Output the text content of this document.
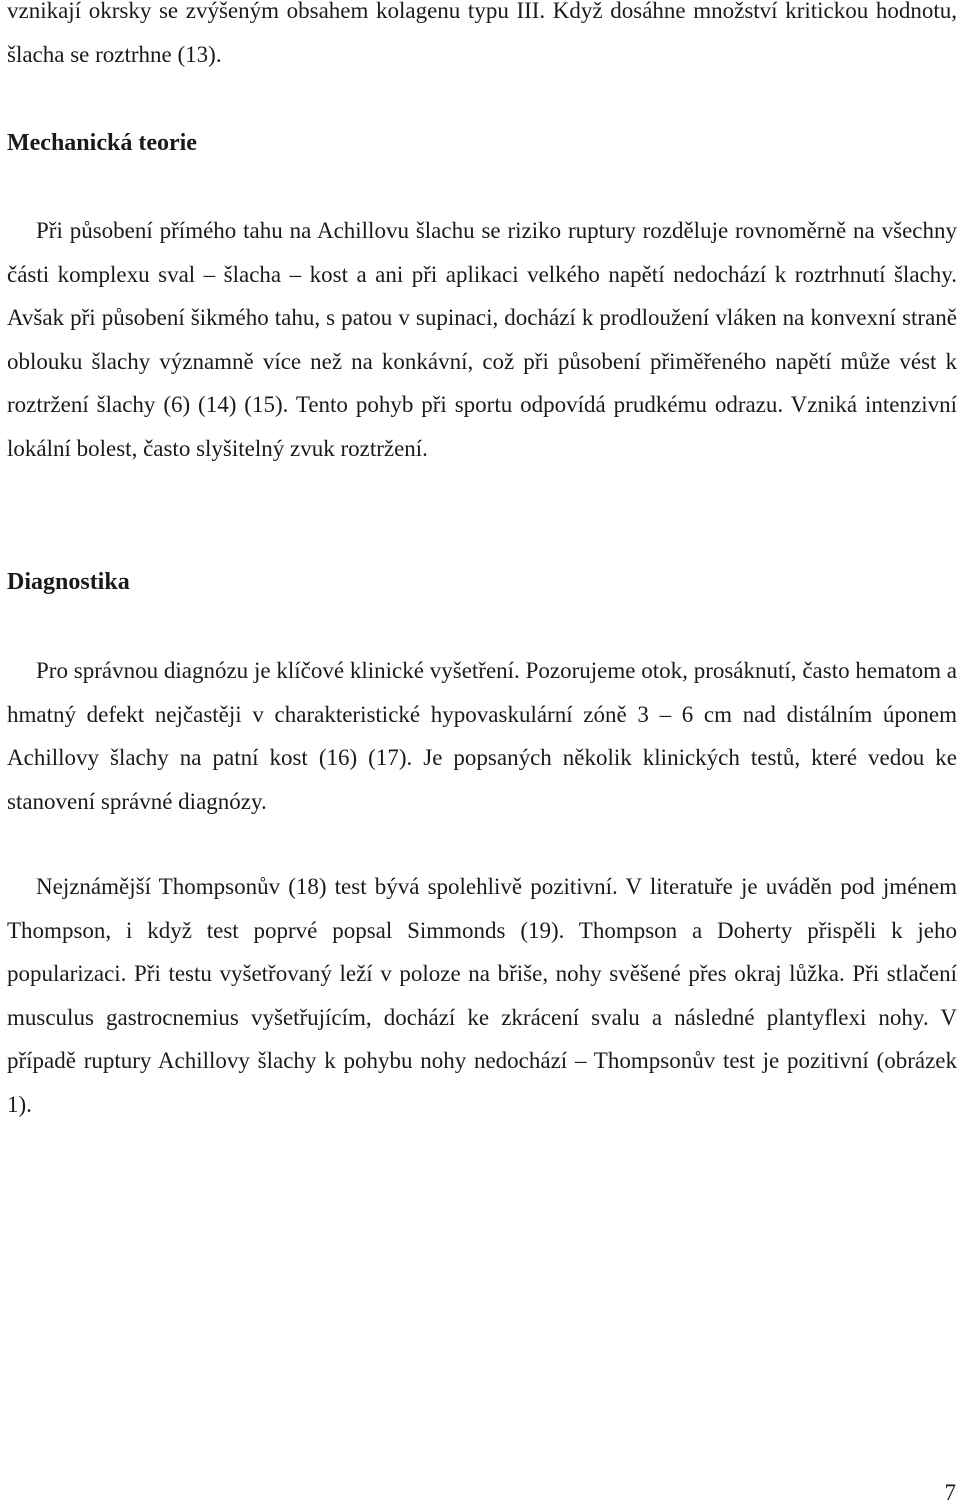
vznikají okrsky se zvýšeným obsahem kolagenu typu III. Když dosáhne množství kritickou hodnotu, šlacha se roztrhne (13).

Mechanická teorie

Při působení přímého tahu na Achillovu šlachu se riziko ruptury rozděluje rovnoměrně na všechny části komplexu sval – šlacha – kost a ani při aplikaci velkého napětí nedochází k roztrhnutí šlachy. Avšak při působení šikmého tahu, s patou v supinaci, dochází k prodloužení vláken na konvexní straně oblouku šlachy významně více než na konkávní, což při působení přiměřeného napětí může vést k roztržení šlachy (6) (14) (15). Tento pohyb při sportu odpovídá prudkému odrazu. Vzniká intenzivní lokální bolest, často slyšitelný zvuk roztržení.

Diagnostika

Pro správnou diagnózu je klíčové klinické vyšetření. Pozorujeme otok, prosáknutí, často hematom a hmatný defekt nejčastěji v charakteristické hypovaskulární zóně 3 – 6 cm nad distálním úponem Achillovy šlachy na patní kost (16) (17). Je popsaných několik klinických testů, které vedou ke stanovení správné diagnózy.

Nejznámější Thompsonův (18) test bývá spolehlivě pozitivní. V literatuře je uváděn pod jménem Thompson, i když test poprvé popsal Simmonds (19). Thompson a Doherty přispěli k jeho popularizaci. Při testu vyšetřovaný leží v poloze na břiše, nohy svěšené přes okraj lůžka. Při stlačení musculus gastrocnemius vyšetřujícím, dochází ke zkrácení svalu a následné plantyflexi nohy. V případě ruptury Achillovy šlachy k pohybu nohy nedochází – Thompsonův test je pozitivní (obrázek 1).

7
